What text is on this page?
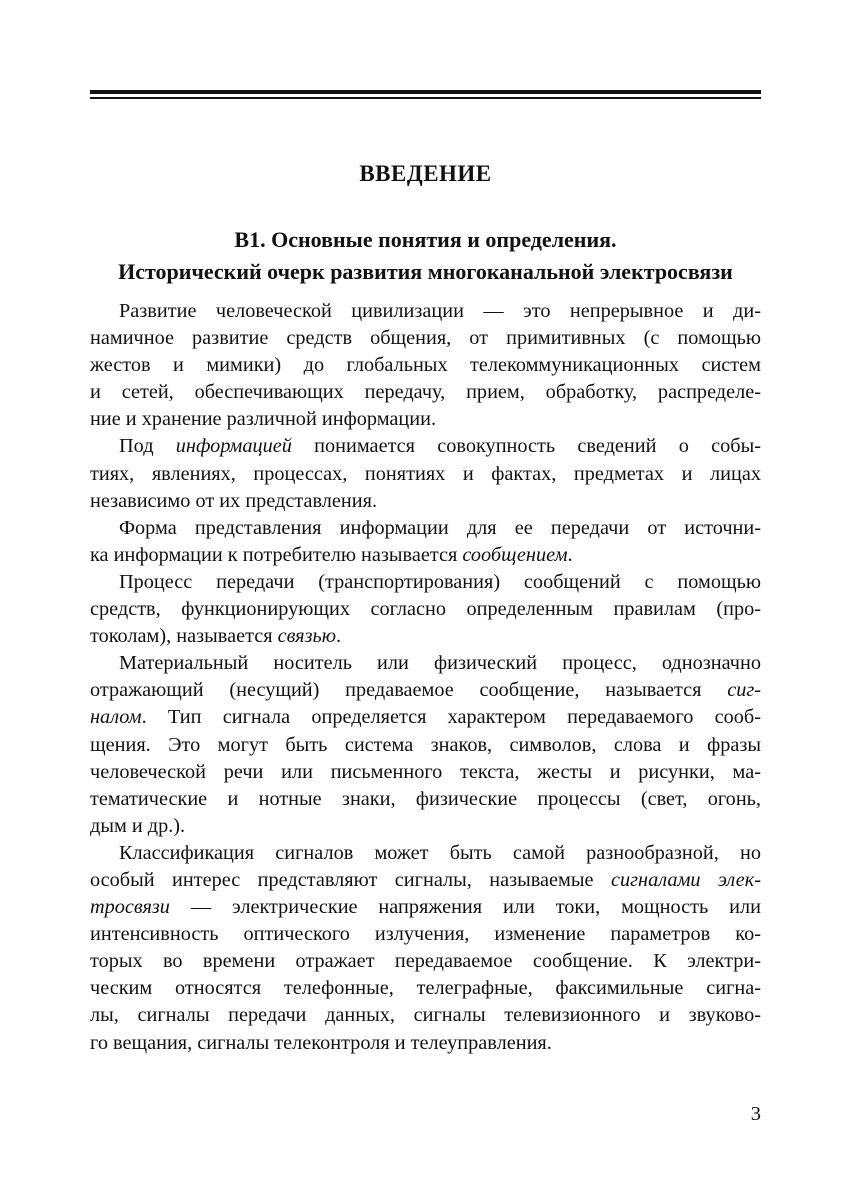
ВВЕДЕНИЕ
В1. Основные понятия и определения.
Исторический очерк развития многоканальной электросвязи
Развитие человеческой цивилизации — это непрерывное и ди-
намичное развитие средств общения, от примитивных (с помощью
жестов и мимики) до глобальных телекоммуникационных систем
и сетей, обеспечивающих передачу, прием, обработку, распределе-
ние и хранение различной информации.
Под информацией понимается совокупность сведений о собы-
тиях, явлениях, процессах, понятиях и фактах, предметах и лицах
независимо от их представления.
Форма представления информации для ее передачи от источни-
ка информации к потребителю называется сообщением.
Процесс передачи (транспортирования) сообщений с помощью
средств, функционирующих согласно определенным правилам (про-
токолам), называется связью.
Материальный носитель или физический процесс, однозначно
отражающий (несущий) предаваемое сообщение, называется сиг-
налом. Тип сигнала определяется характером передаваемого сооб-
щения. Это могут быть система знаков, символов, слова и фразы
человеческой речи или письменного текста, жесты и рисунки, ма-
тематические и нотные знаки, физические процессы (свет, огонь,
дым и др.).
Классификация сигналов может быть самой разнообразной, но
особый интерес представляют сигналы, называемые сигналами элек-
тросвязи — электрические напряжения или токи, мощность или
интенсивность оптического излучения, изменение параметров ко-
торых во времени отражает передаваемое сообщение. К электри-
ческим относятся телефонные, телеграфные, факсимильные сигна-
лы, сигналы передачи данных, сигналы телевизионного и звуково-
го вещания, сигналы телеконтроля и телеуправления.
3
